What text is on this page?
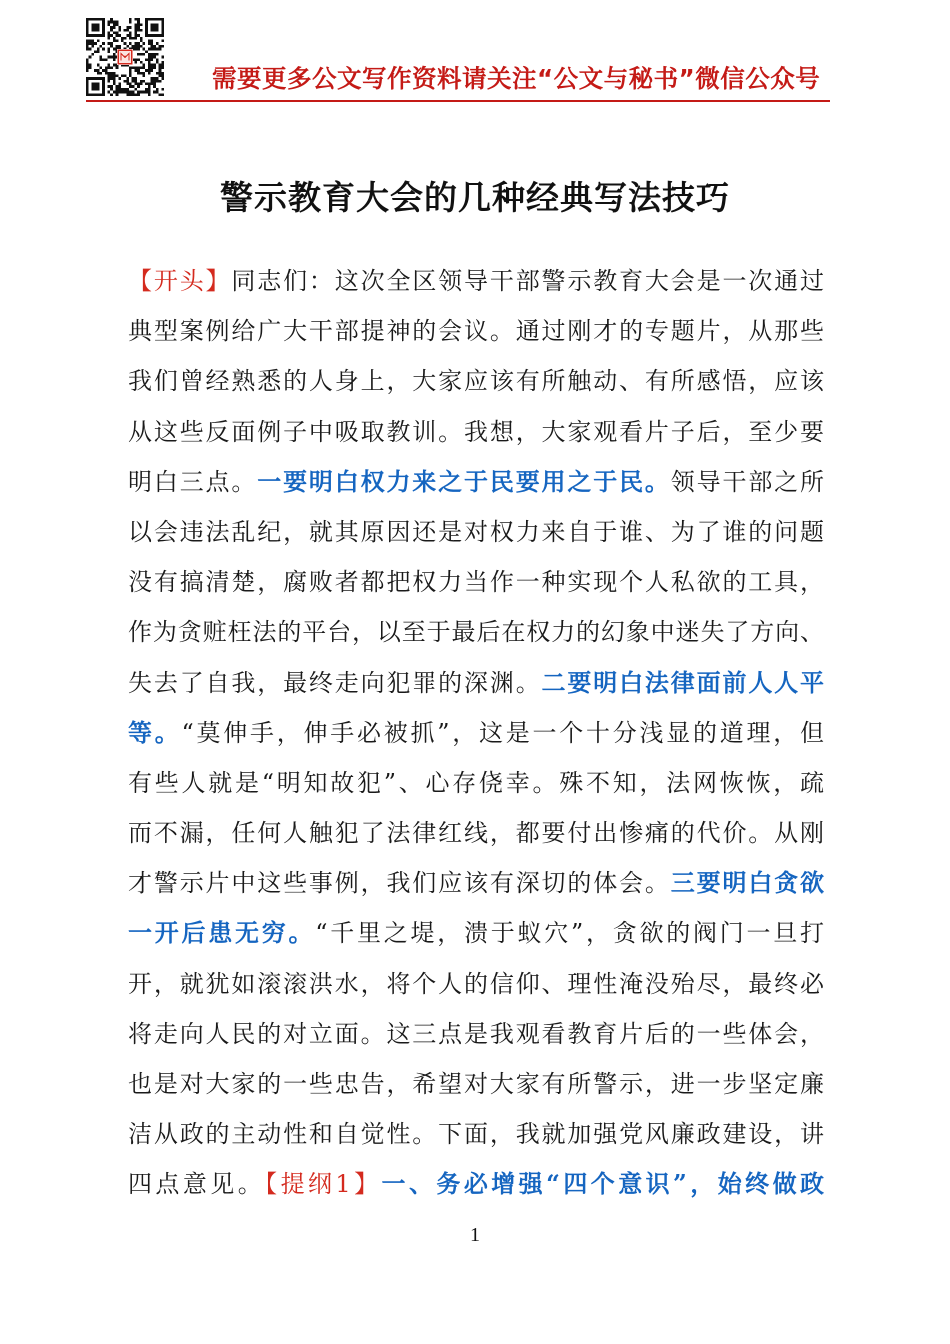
需要更多公文写作资料请关注“公文与秘书”微信公众号
警示教育大会的几种经典写法技巧
【开头】同志们：这次全区领导干部警示教育大会是一次通过
典型案例给广大干部提神的会议。通过刚才的专题片，从那些
我们曾经熟悉的人身上，大家应该有所触动、有所感悟，应该
从这些反面例子中吸取教训。我想，大家观看片子后，至少要
明白三点。一要明白权力来之于民要用之于民。领导干部之所
以会违法乱纪，就其原因还是对权力来自于谁、为了谁的问题
没有搞清楚，腐败者都把权力当作一种实现个人私欲的工具，
作为贪赃枉法的平台，以至于最后在权力的幻象中迷失了方向、
失去了自我，最终走向犯罪的深渊。二要明白法律面前人人平
等。“莫伸手，伸手必被抓”，这是一个十分浅显的道理，但
有些人就是“明知故犯”、心存侥幸。殊不知，法网恢恢，疏
而不漏，任何人触犯了法律红线，都要付出惨痛的代价。从刚
才警示片中这些事例，我们应该有深切的体会。三要明白贪欲
一开后患无穷。“千里之堤，溃于蚁穴”，贪欲的阀门一旦打
开，就犹如滚滚洪水，将个人的信仰、理性淹没殆尽，最终必
将走向人民的对立面。这三点是我观看教育片后的一些体会，
也是对大家的一些忠告，希望对大家有所警示，进一步坚定廉
洁从政的主动性和自觉性。下面，我就加强党风廉政建设，讲
四点意见。【提纲1】一、务必增强“四个意识”，始终做政
1
